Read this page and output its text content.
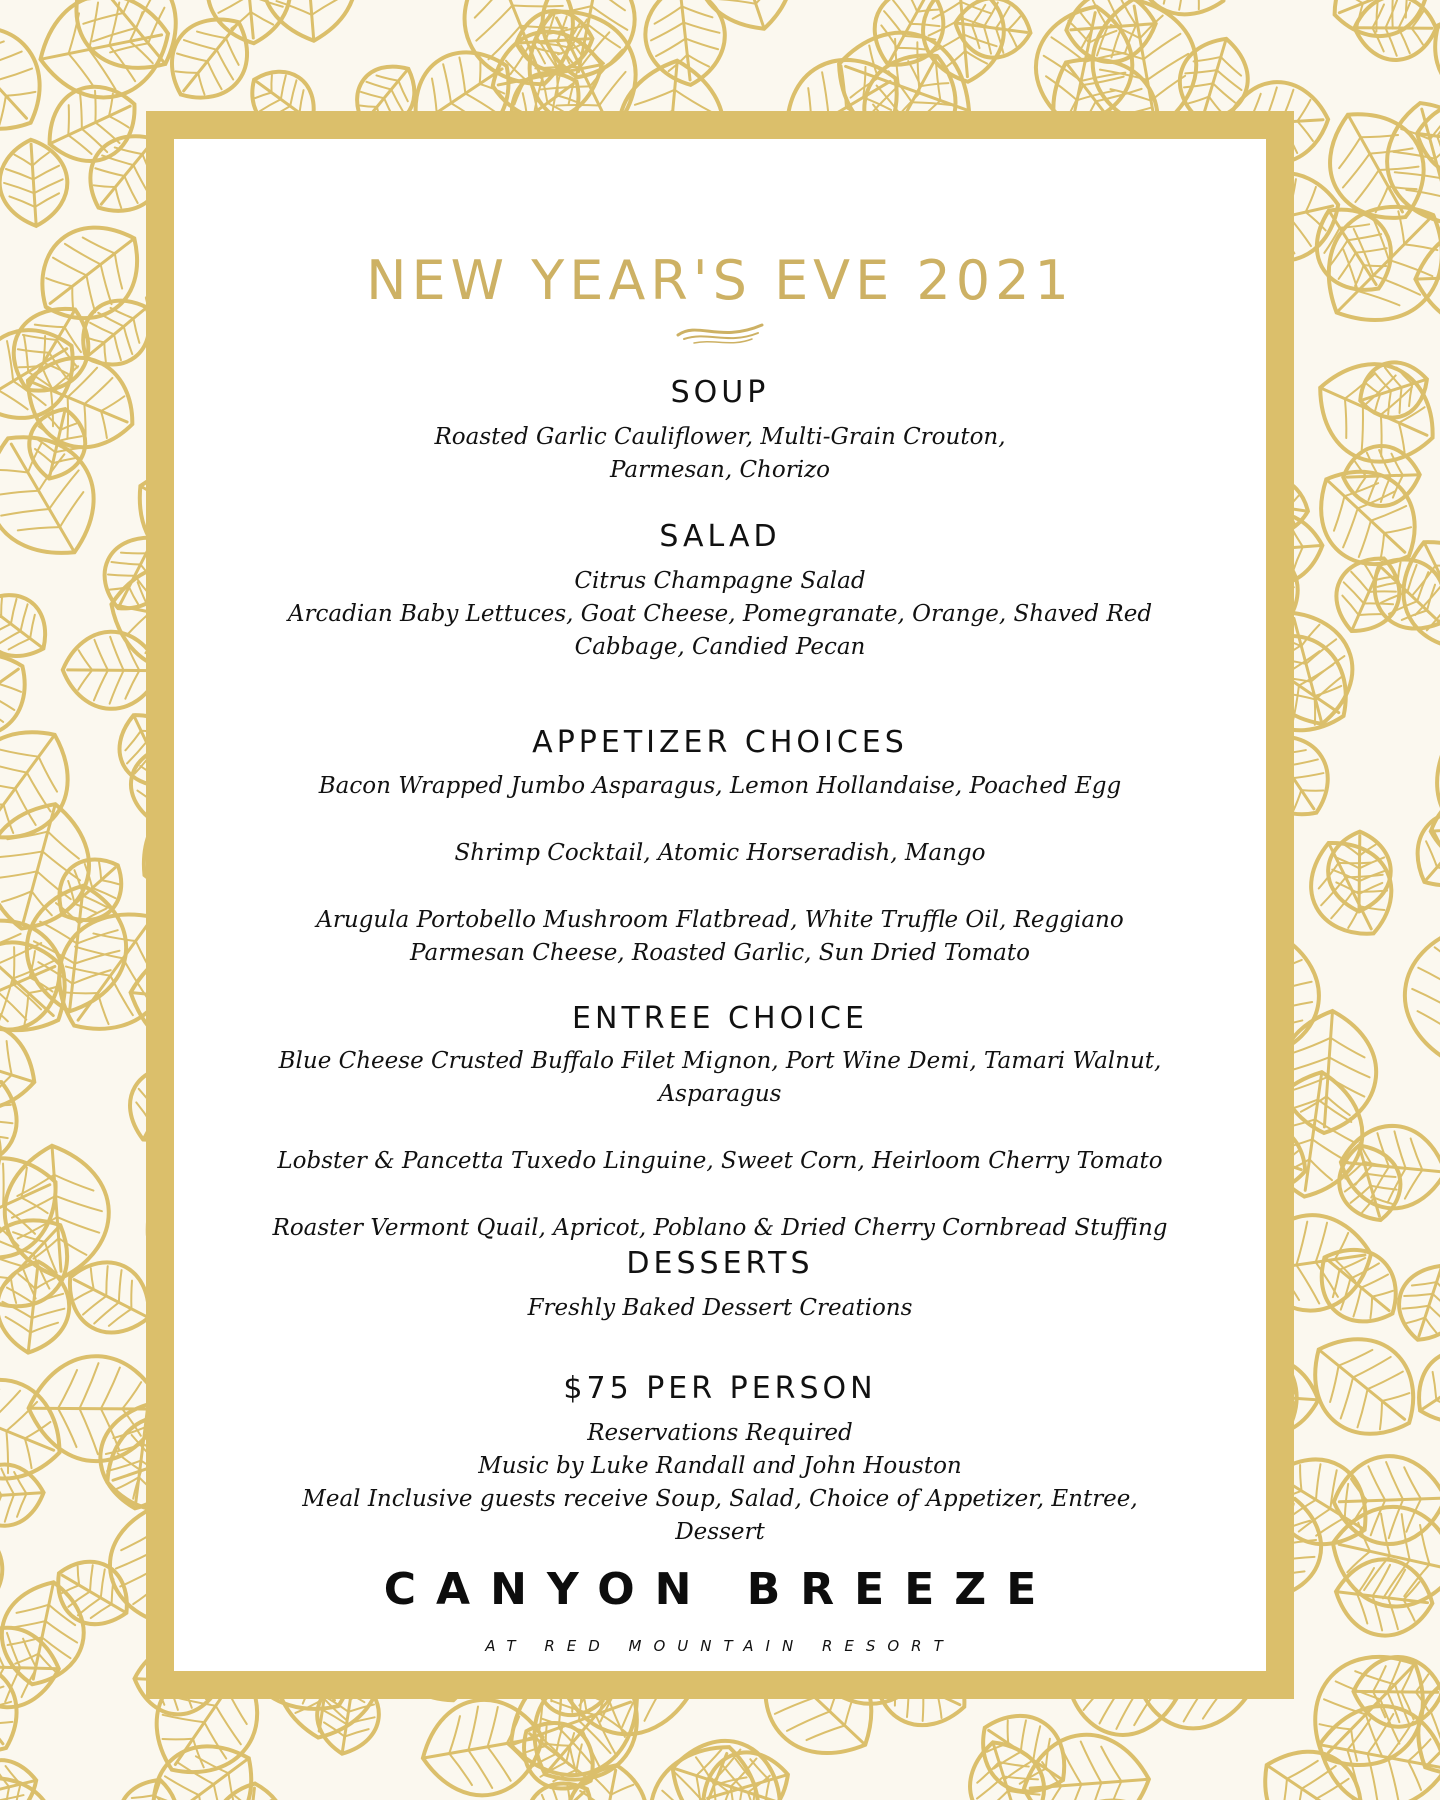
NEW YEAR'S EVE 2021
SOUP
Roasted Garlic Cauliflower, Multi-Grain Crouton,
Parmesan, Chorizo
SALAD
Citrus Champagne Salad
Arcadian Baby Lettuces, Goat Cheese, Pomegranate, Orange, Shaved Red
Cabbage, Candied Pecan
APPETIZER CHOICES
Bacon Wrapped Jumbo Asparagus, Lemon Hollandaise, Poached Egg
Shrimp Cocktail, Atomic Horseradish, Mango
Arugula Portobello Mushroom Flatbread, White Truffle Oil, Reggiano
Parmesan Cheese, Roasted Garlic, Sun Dried Tomato
ENTREE CHOICE
Blue Cheese Crusted Buffalo Filet Mignon, Port Wine Demi, Tamari Walnut,
Asparagus
Lobster & Pancetta Tuxedo Linguine, Sweet Corn, Heirloom Cherry Tomato
Roaster Vermont Quail, Apricot, Poblano & Dried Cherry Cornbread Stuffing
DESSERTS
Freshly Baked Dessert Creations
$75 PER PERSON
Reservations Required
Music by Luke Randall and John Houston
Meal Inclusive guests receive Soup, Salad, Choice of Appetizer, Entree,
Dessert
CANYON BREEZE
AT RED MOUNTAIN RESORT
